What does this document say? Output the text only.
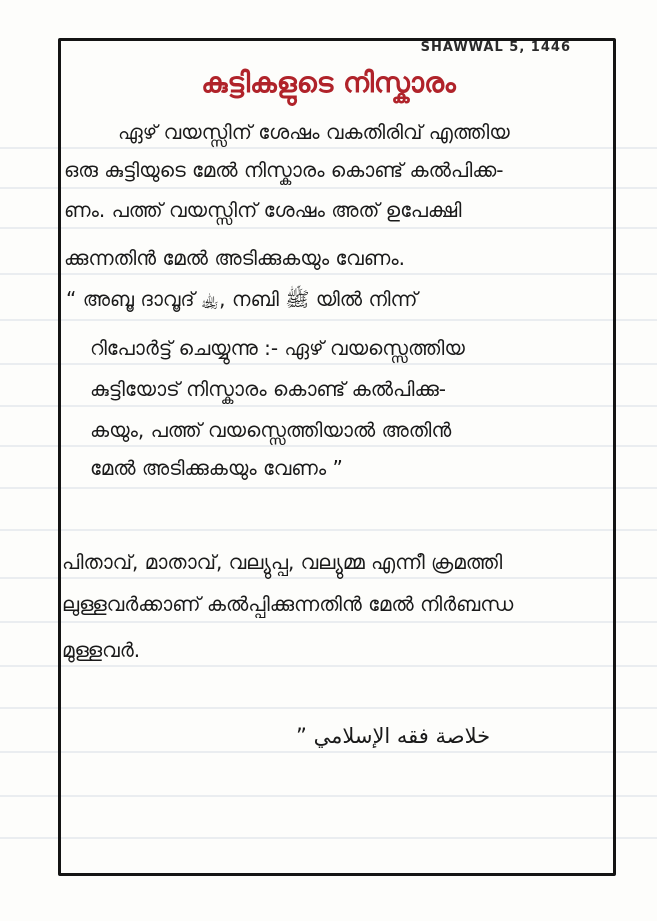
SHAWWAL 5, 1446
കുട്ടികളുടെ നിസ്കാരം
ഏഴ് വയസ്സിന് ശേഷം വകതിരിവ് എത്തിയ
ഒരു കുട്ടിയുടെ മേൽ നിസ്കാരം കൊണ്ട് കൽപിക്ക-
ണം. പത്ത് വയസ്സിന് ശേഷം അത് ഉപേക്ഷി
ക്കുന്നതിൻ മേൽ അടിക്കുകയും വേണം.
“ അബൂ ദാവൂദ് ﵀, നബി ﷺ യിൽ നിന്ന്
റിപോർട്ട് ചെയ്യുന്നു :- ഏഴ് വയസ്സെത്തിയ
കുട്ടിയോട് നിസ്കാരം കൊണ്ട് കൽപിക്കു-
കയും, പത്ത് വയസ്സെത്തിയാൽ അതിൻ
മേൽ അടിക്കുകയും വേണം ”
പിതാവ്, മാതാവ്, വല്യുപ്പ, വല്യുമ്മ എന്നീ ക്രമത്തി
ലുള്ളവർക്കാണ് കൽപ്പിക്കുന്നതിൻ മേൽ നിർബന്ധ
മുള്ളവർ.
” خلاصة فقه الإسلامي
